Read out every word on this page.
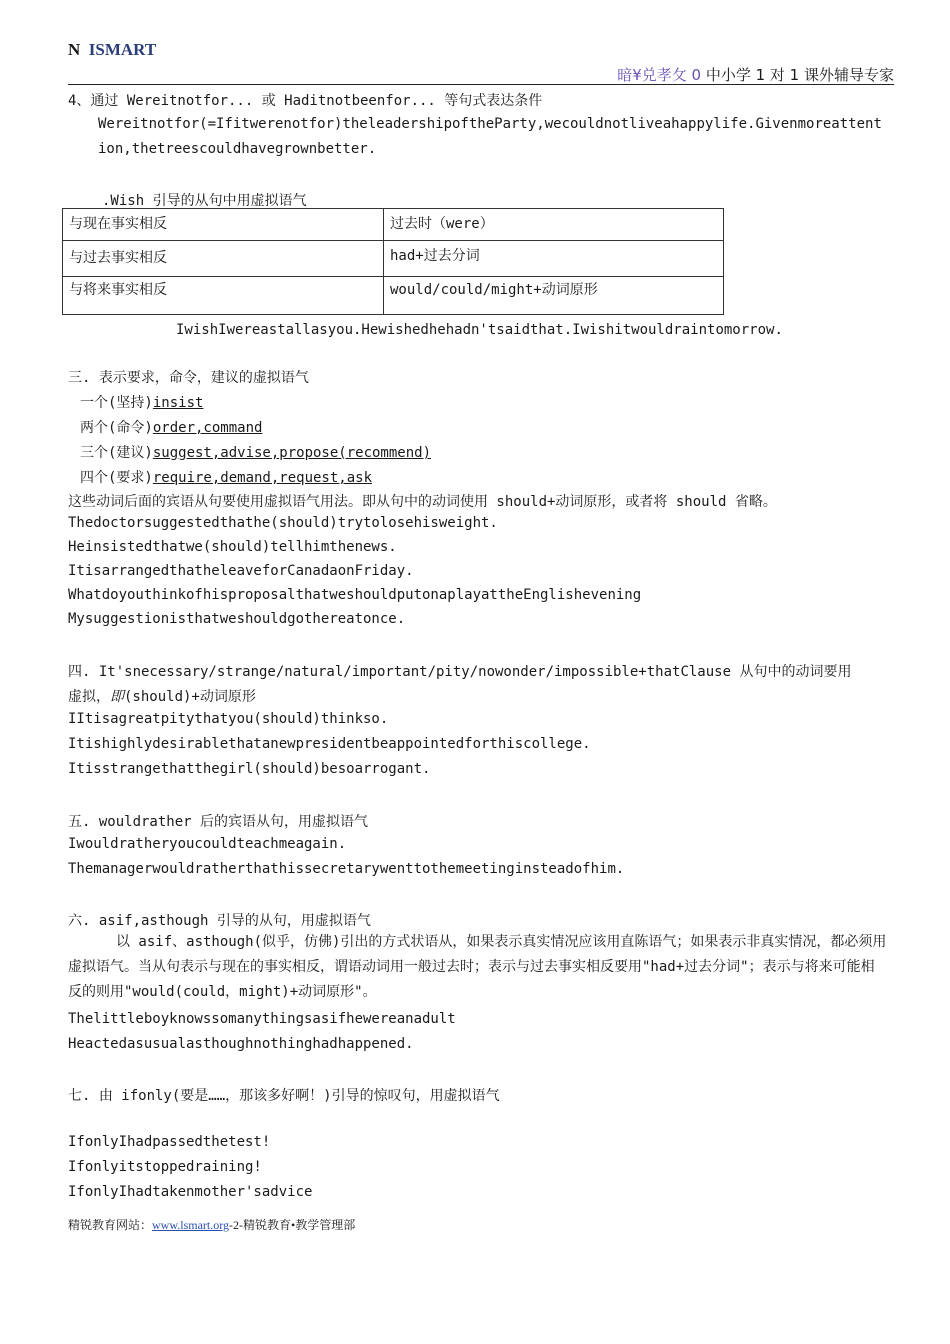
N ISMART
暗¥兑孝攵 0 中小学 1 对 1 课外辅导专家
4、通过 Wereitnotfor... 或 Haditnotbeenfor... 等句式表达条件
Wereitnotfor(=Ifitwerenotfor)theleadershipoftheParty,wecouldnotliveahappylife.Givenmoreattent
ion,thetreescouldhavegrownbetter.
.Wish 引导的从句中用虚拟语气
与现在事实相反	过去时（were）
与过去事实相反	had+过去分词
与将来事实相反	would/could/might+动词原形
IwishIwereastallasyou.Hewishedhehadn'tsaidthat.Iwishitwouldraintomorrow.
三. 表示要求，命令，建议的虚拟语气
一个(坚持)insist
两个(命令)order,command
三个(建议)suggest,advise,propose(recommend)
四个(要求)require,demand,request,ask
这些动词后面的宾语从句要使用虚拟语气用法。即从句中的动词使用 should+动词原形，或者将 should 省略。
Thedoctorsuggestedthathe(should)trytolosehisweight.
Heinsistedthatwe(should)tellhimthenews.
ItisarrangedthatheleaveforCanadaonFriday.
WhatdoyouthinkofhisproposalthatweshouldputonaplayattheEnglishevening
Mysuggestionisthatweshouldgothereatonce.
四. It'snecessary/strange/natural/important/pity/nowonder/impossible+thatClause 从句中的动词要用
虚拟，即(should)+动词原形
IItisagreatpitythatyou(should)thinkso.
Itishighlydesirablethatanewpresidentbeappointedforthiscollege.
Itisstrangethatthegirl(should)besoarrogant.
五. wouldrather 后的宾语从句，用虚拟语气
Iwouldratheryoucouldteachmeagain.
Themanagerwouldratherthathissecretarywenttothemeetinginsteadofhim.
六. asif,asthough 引导的从句，用虚拟语气
以 asif、asthough(似乎，仿佛)引出的方式状语从，如果表示真实情况应该用直陈语气；如果表示非真实情况，都必须用虚拟语气。当从句表示与现在的事实相反，谓语动词用一般过去时；表示与过去事实相反要用"had+过去分词"；表示与将来可能相反的则用"would(could，might)+动词原形"。
Thelittleboyknowssomanythingsasifhewereanadult
Heactedasusualasthoughnothinghadhappened.
七. 由 ifonly(要是……，那该多好啊！)引导的惊叹句，用虚拟语气
IfonlyIhadpassedthetest!
Ifonlyitstoppedraining!
IfonlyIhadtakenmother'sadvice
精锐教育网站：www.lsmart.org-2-精锐教育•教学管理部
